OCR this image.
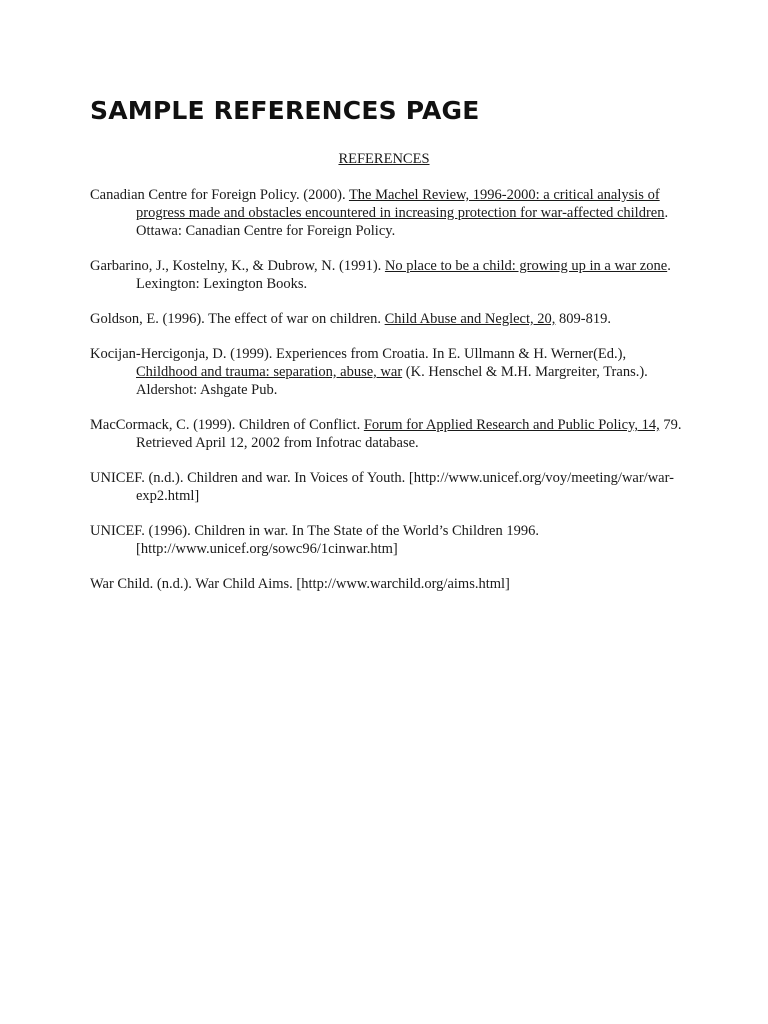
SAMPLE REFERENCES PAGE
REFERENCES
Canadian Centre for Foreign Policy. (2000). The Machel Review, 1996-2000: a critical analysis of progress made and obstacles encountered in increasing protection for war-affected children. Ottawa: Canadian Centre for Foreign Policy.
Garbarino, J., Kostelny, K., & Dubrow, N. (1991). No place to be a child: growing up in a war zone. Lexington: Lexington Books.
Goldson, E. (1996). The effect of war on children. Child Abuse and Neglect, 20, 809-819.
Kocijan-Hercigonja, D. (1999). Experiences from Croatia. In E. Ullmann & H. Werner(Ed.), Childhood and trauma: separation, abuse, war (K. Henschel & M.H. Margreiter, Trans.). Aldershot: Ashgate Pub.
MacCormack, C. (1999). Children of Conflict. Forum for Applied Research and Public Policy, 14, 79. Retrieved April 12, 2002 from Infotrac database.
UNICEF. (n.d.). Children and war. In Voices of Youth. [http://www.unicef.org/voy/meeting/war/war-exp2.html]
UNICEF. (1996). Children in war. In The State of the World’s Children 1996. [http://www.unicef.org/sowc96/1cinwar.htm]
War Child. (n.d.). War Child Aims. [http://www.warchild.org/aims.html]
